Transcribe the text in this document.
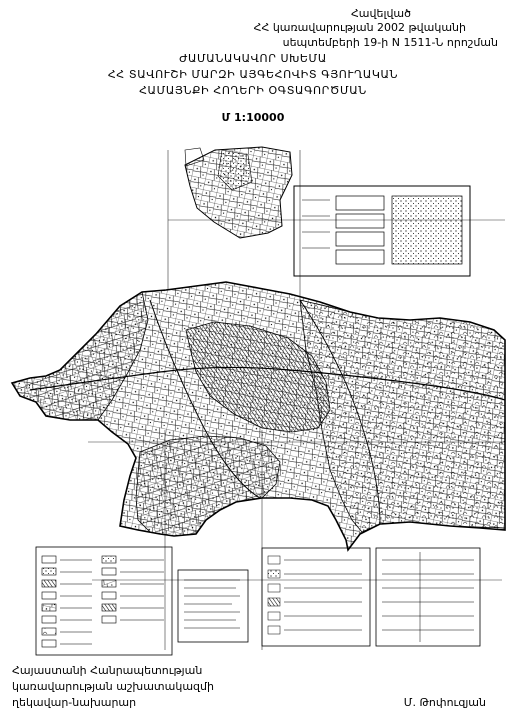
Հավելված
ՀՀ կառավարության 2002 թվականի
սեպտեմբերի 19-ի N 1511-Ն որոշման
ԺԱՄԱՆԱԿԱՎՈՐ ՍԽԵՄԱ
ՀՀ ՏԱՎՈՒՇԻ ՄԱՐԶԻ ԱՅԳԵՀՈՎԻՏ ԳՅՈՒՂԱԿԱՆ
ՀԱՄԱՅՆՔԻ ՀՈՂԵՐԻ ՕԳՏԱԳՈՐԾՄԱՆ
Մ 1:10000
Հայաստանի Հանրապետության
կառավարության աշխատակազմի
ղեկավար-նախարար	Մ. Թոփուզյան
